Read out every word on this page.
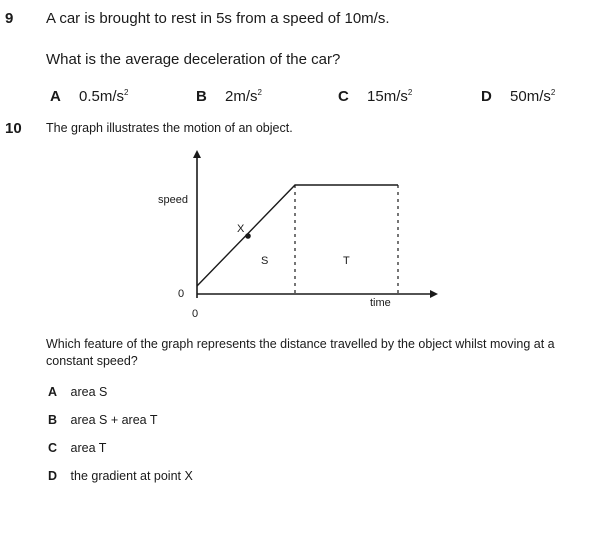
9 A car is brought to rest in 5s from a speed of 10m/s.
What is the average deceleration of the car?
A $0.5m/s^2$	B $2m/s^2$	C $15m/s^2$	D $50m/s^2$
10 The graph illustrates the motion of an object.
speed
X
S	T
0
0
time
Which feature of the graph represents the distance travelled by the object whilst moving at a
constant speed?
A area S
B area S + area T
C area T
D the gradient at point X
